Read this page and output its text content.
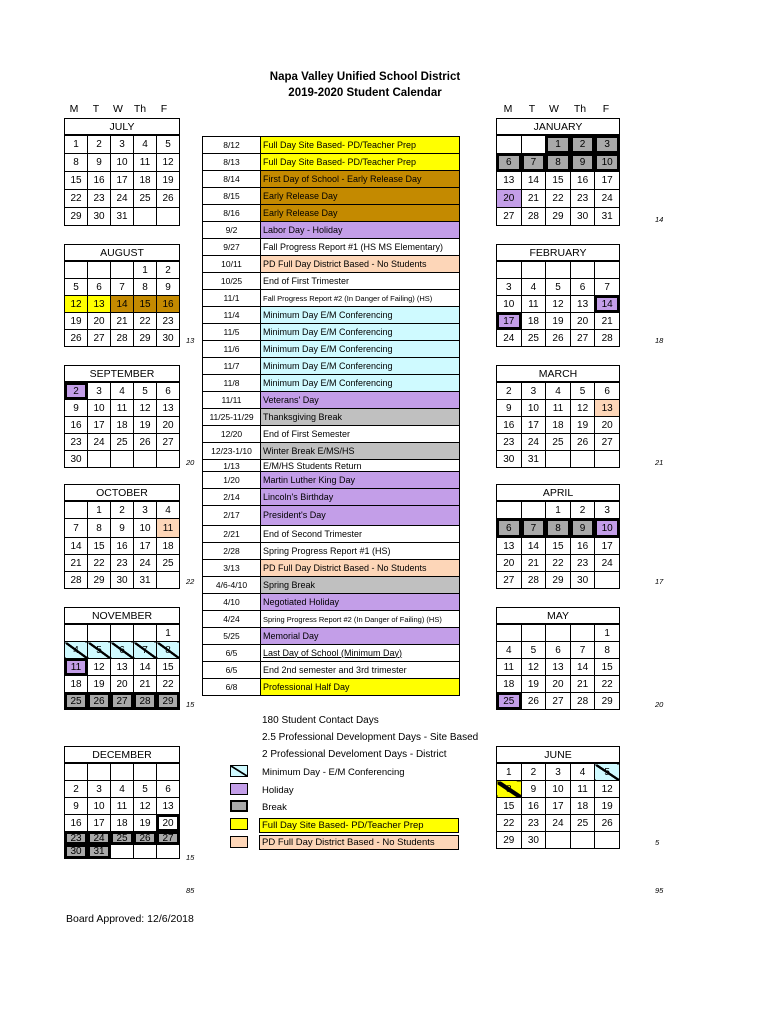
Napa Valley Unified School District
2019-2020 Student Calendar
M	T	W	Th	F	M	T	W	Th	F
JULY
1	2	3	4	5
8	9	10	11	12
15	16	17	18	19
22	23	24	25	26
29	30	31		
AUGUST
			1	2
5	6	7	8	9
12	13	14	15	16
19	20	21	22	23
26	27	28	29	30 13
SEPTEMBER
2	3	4	5	6
9	10	11	12	13
16	17	18	19	20
23	24	25	26	27
30					20
OCTOBER
	1	2	3	4
7	8	9	10	11
14	15	16	17	18
21	22	23	24	25
28	29	30	31		22
NOVEMBER
				1
4	5	6	7	8
11	12	13	14	15
18	19	20	21	22
25	26	27	28	29 15
DECEMBER

2	3	4	5	6
9	10	11	12	13
16	17	18	19	20
23	24	25	26	27
30	31			
15
85
JANUARY
		1	2	3
6	7	8	9	10
13	14	15	16	17
20	21	22	23	24
27	28	29	30	31	14
FEBRUARY

3	4	5	6	7
10	11	12	13	14
17	18	19	20	21
24	25	26	27	28	18
MARCH
2	3	4	5	6
9	10	11	12	13
16	17	18	19	20
23	24	25	26	27
30	31				21
APRIL
		1	2	3
6	7	8	9	10
13	14	15	16	17
20	21	22	23	24
27	28	29	30		17
MAY
				1
4	5	6	7	8
11	12	13	14	15
18	19	20	21	22
25	26	27	28	29	20
JUNE
1	2	3	4	5
8	9	10	11	12
15	16	17	18	19
22	23	24	25	26
29	30				5
95
8/12	Full Day Site Based- PD/Teacher Prep
8/13	Full Day Site Based- PD/Teacher Prep
8/14	First Day of School - Early Release Day
8/15	Early Release Day
8/16	Early Release Day
9/2	Labor Day - Holiday
9/27	Fall Progress Report #1 (HS MS Elementary)
10/11	PD Full Day District Based - No Students
10/25	End of First Trimester
11/1	Fall Progress Report #2 (In Danger of Failing) (HS)
11/4	Minimum Day E/M Conferencing
11/5	Minimum Day E/M Conferencing
11/6	Minimum Day E/M Conferencing
11/7	Minimum Day E/M Conferencing
11/8	Minimum Day E/M Conferencing
11/11	Veterans' Day
11/25-11/29	Thanksgiving Break
12/20	End of First Semester
12/23-1/10	Winter Break E/MS/HS
1/13	E/M/HS Students Return
1/20	Martin Luther King Day
2/14	Lincoln's Birthday
2/17	President's Day
2/21	End of Second Trimester
2/28	Spring Progress Report #1 (HS)
3/13	PD Full Day District Based - No Students
4/6-4/10	Spring Break
4/10	Negotiated Holiday
4/24	Spring Progress Report #2 (In Danger of Failing) (HS)
5/25	Memorial Day
6/5	Last Day of School (Minimum Day)
6/5	End 2nd semester and 3rd trimester
6/8	Professional Half Day
180 Student Contact Days
2.5 Professional Development Days - Site Based
2 Professional Develoment Days - District
Minimum Day - E/M Conferencing
Holiday
Break
Full Day Site Based- PD/Teacher Prep
PD Full Day District Based - No Students
Board Approved: 12/6/2018
